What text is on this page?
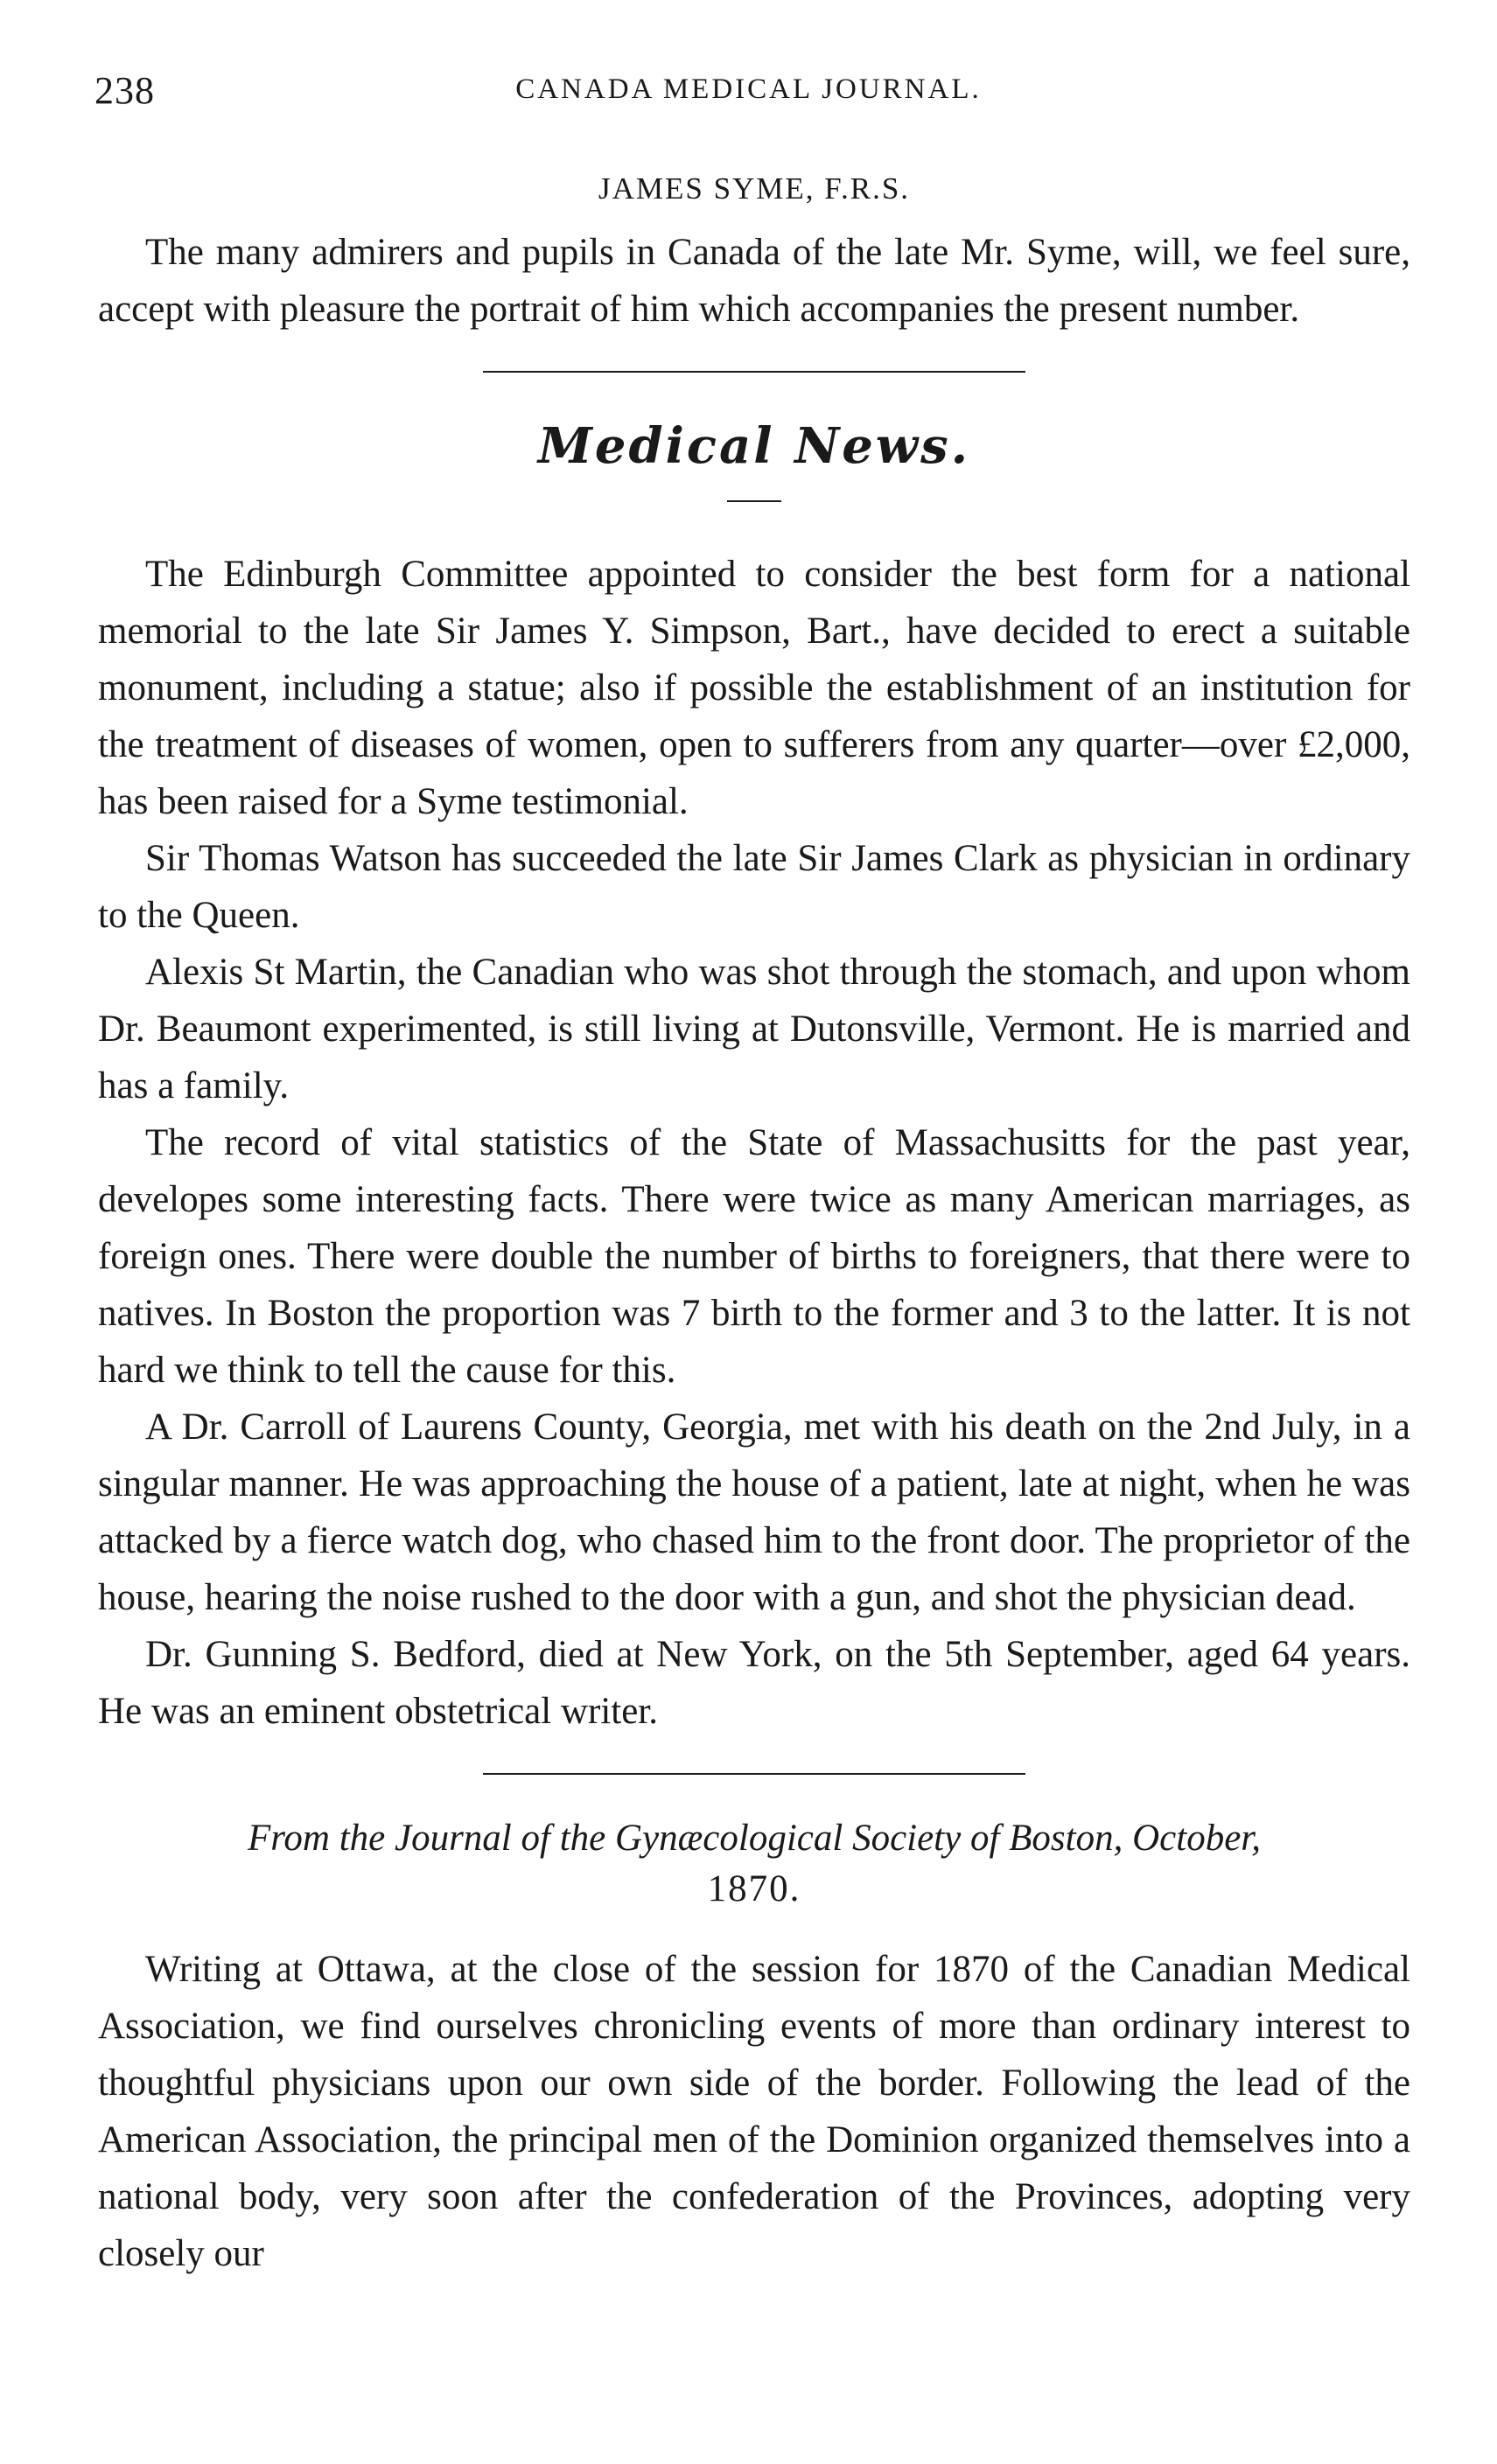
238	CANADA MEDICAL JOURNAL.
JAMES SYME, F.R.S.

The many admirers and pupils in Canada of the late Mr. Syme, will, we feel sure, accept with pleasure the portrait of him which accompanies the present number.

Medical News.

The Edinburgh Committee appointed to consider the best form for a national memorial to the late Sir James Y. Simpson, Bart., have decided to erect a suitable monument, including a statue; also if possible the establishment of an institution for the treatment of diseases of women, open to sufferers from any quarter—over £2,000, has been raised for a Syme testimonial.

Sir Thomas Watson has succeeded the late Sir James Clark as physician in ordinary to the Queen.

Alexis St Martin, the Canadian who was shot through the stomach, and upon whom Dr. Beaumont experimented, is still living at Dutonsville, Vermont. He is married and has a family.

The record of vital statistics of the State of Massachusitts for the past year, developes some interesting facts. There were twice as many American marriages, as foreign ones. There were double the number of births to foreigners, that there were to natives. In Boston the proportion was 7 birth to the former and 3 to the latter. It is not hard we think to tell the cause for this.

A Dr. Carroll of Laurens County, Georgia, met with his death on the 2nd July, in a singular manner. He was approaching the house of a patient, late at night, when he was attacked by a fierce watch dog, who chased him to the front door. The proprietor of the house, hearing the noise rushed to the door with a gun, and shot the physician dead.

Dr. Gunning S. Bedford, died at New York, on the 5th September, aged 64 years. He was an eminent obstetrical writer.

From the Journal of the Gynæcological Society of Boston, October,
1870.

Writing at Ottawa, at the close of the session for 1870 of the Canadian Medical Association, we find ourselves chronicling events of more than ordinary interest to thoughtful physicians upon our own side of the border. Following the lead of the American Association, the principal men of the Dominion organized themselves into a national body, very soon after the confederation of the Provinces, adopting very closely our
